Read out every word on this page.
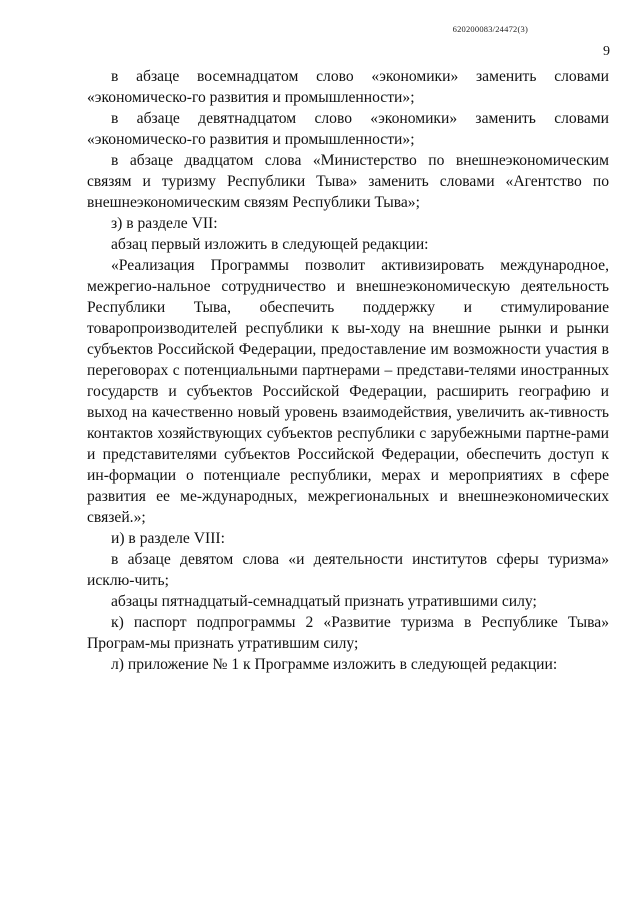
620200083/24472(3)
9

в абзаце восемнадцатом слово «экономики» заменить словами «экономическо-го развития и промышленности»;

в абзаце девятнадцатом слово «экономики» заменить словами «экономическо-го развития и промышленности»;

в абзаце двадцатом слова «Министерство по внешнеэкономическим связям и туризму Республики Тыва» заменить словами «Агентство по внешнеэкономическим связям Республики Тыва»;

з) в разделе VII:

абзац первый изложить в следующей редакции:

«Реализация Программы позволит активизировать международное, межрегио-нальное сотрудничество и внешнеэкономическую деятельность Республики Тыва, обеспечить поддержку и стимулирование товаропроизводителей республики к вы-ходу на внешние рынки и рынки субъектов Российской Федерации, предоставление им возможности участия в переговорах с потенциальными партнерами – представи-телями иностранных государств и субъектов Российской Федерации, расширить географию и выход на качественно новый уровень взаимодействия, увеличить ак-тивность контактов хозяйствующих субъектов республики с зарубежными партне-рами и представителями субъектов Российской Федерации, обеспечить доступ к ин-формации о потенциале республики, мерах и мероприятиях в сфере развития ее ме-ждународных, межрегиональных и внешнеэкономических связей.»;

и) в разделе VIII:

в абзаце девятом слова «и деятельности институтов сферы туризма» исклю-чить;

абзацы пятнадцатый-семнадцатый признать утратившими силу;

к) паспорт подпрограммы 2 «Развитие туризма в Республике Тыва» Програм-мы признать утратившим силу;

л) приложение № 1 к Программе изложить в следующей редакции:
